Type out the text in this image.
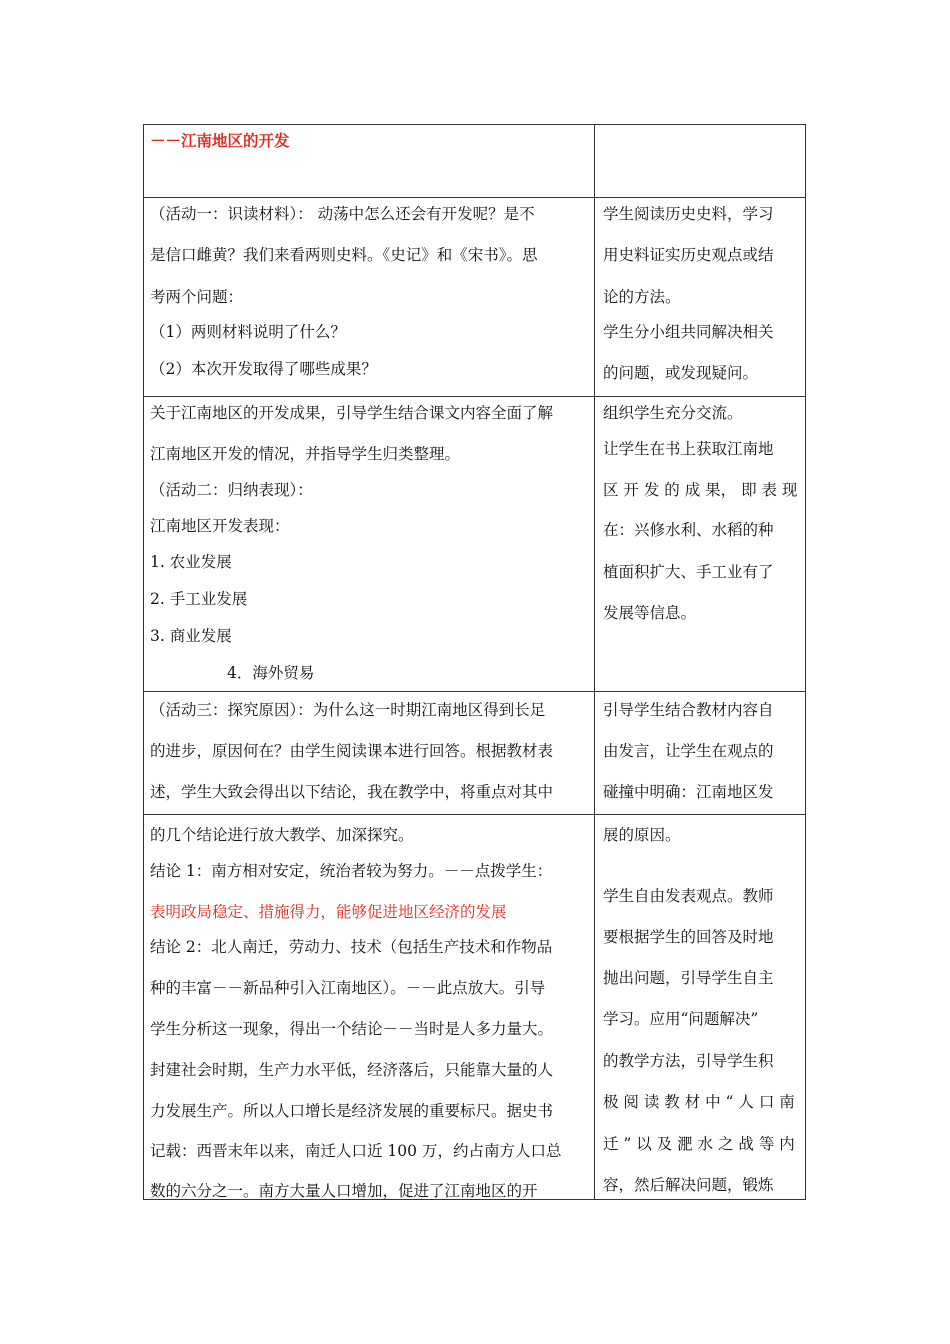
－－江南地区的开发
（活动一：识读材料）： 动荡中怎么还会有开发呢？是不
是信口雌黄？我们来看两则史料。《史记》和《宋书》。思
考两个问题：
（1）两则材料说明了什么？
（2）本次开发取得了哪些成果？
学生阅读历史史料，学习
用史料证实历史观点或结
论的方法。
学生分小组共同解决相关
的问题，或发现疑问。
关于江南地区的开发成果，引导学生结合课文内容全面了解
江南地区开发的情况，并指导学生归类整理。
（活动二：归纳表现）：
江南地区开发表现：
1. 农业发展
2. 手工业发展
3. 商业发展
4．海外贸易
组织学生充分交流。
让学生在书上获取江南地
区 开 发 的 成 果， 即 表 现
在：兴修水利、水稻的种
植面积扩大、手工业有了
发展等信息。
（活动三：探究原因）：为什么这一时期江南地区得到长足
的进步，原因何在？由学生阅读课本进行回答。根据教材表
述，学生大致会得出以下结论，我在教学中，将重点对其中
引导学生结合教材内容自
由发言，让学生在观点的
碰撞中明确：江南地区发
的几个结论进行放大教学、加深探究。
结论 1：南方相对安定，统治者较为努力。－－点拨学生：
表明政局稳定、措施得力，能够促进地区经济的发展
结论 2：北人南迁，劳动力、技术（包括生产技术和作物品
种的丰富－－新品种引入江南地区）。－－此点放大。引导
学生分析这一现象，得出一个结论－－当时是人多力量大。
封建社会时期，生产力水平低，经济落后，只能靠大量的人
力发展生产。所以人口增长是经济发展的重要标尺。据史书
记载：西晋末年以来，南迁人口近 100 万，约占南方人口总
数的六分之一。南方大量人口增加，促进了江南地区的开
展的原因。
学生自由发表观点。教师
要根据学生的回答及时地
抛出问题，引导学生自主
学习。应用“问题解决”
的教学方法，引导学生积
极 阅 读 教 材 中 “ 人 口 南
迁 ” 以 及 淝 水 之 战 等 内
容，然后解决问题，锻炼
